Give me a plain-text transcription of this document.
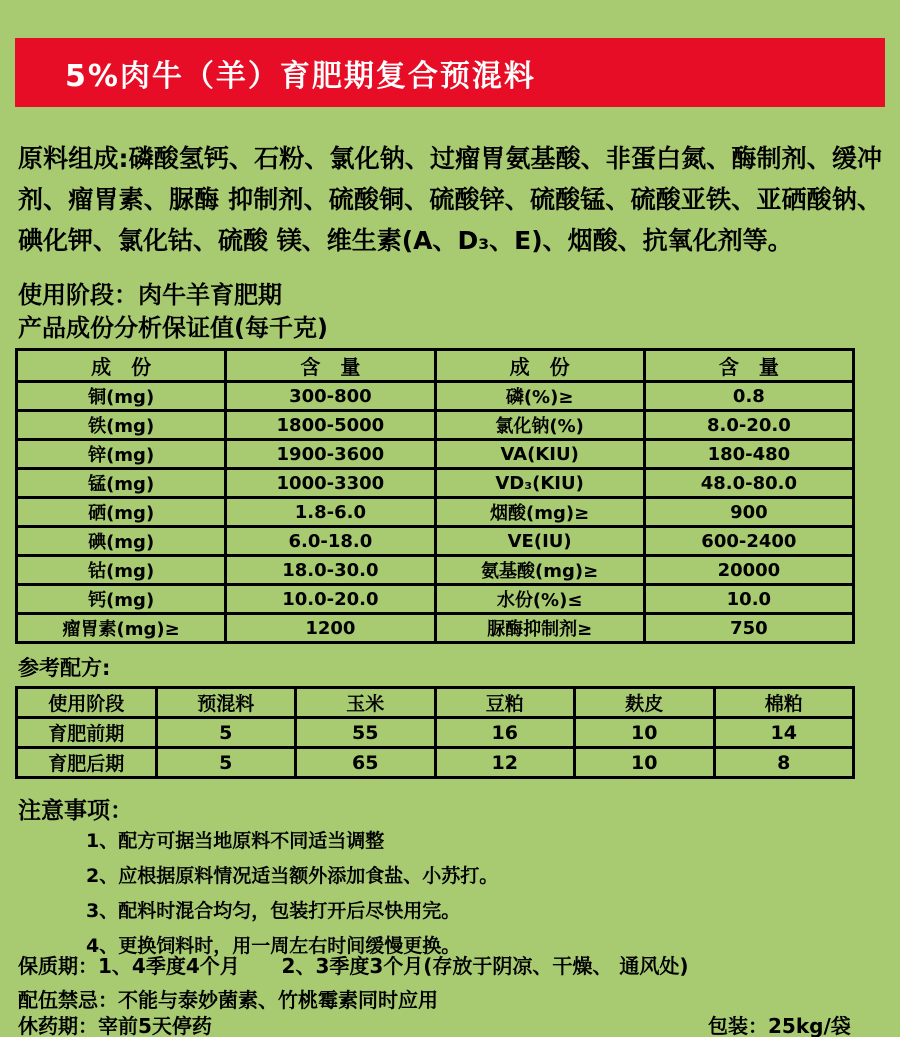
5%肉牛（羊）育肥期复合预混料
原料组成:磷酸氢钙、石粉、氯化钠、过瘤胃氨基酸、非蛋白氮、酶制剂、缓冲剂、瘤胃素、脲酶 抑制剂、硫酸铜、硫酸锌、硫酸锰、硫酸亚铁、亚硒酸钠、碘化钾、氯化钴、硫酸 镁、维生素(A、D₃、E)、烟酸、抗氧化剂等。
使用阶段：肉牛羊育肥期
产品成份分析保证值(每千克)
成　份	含　量	成　份	含　量
铜(mg)	300-800	磷(%)≥	0.8
铁(mg)	1800-5000	氯化钠(%)	8.0-20.0
锌(mg)	1900-3600	VA(KIU)	180-480
锰(mg)	1000-3300	VD₃(KIU)	48.0-80.0
硒(mg)	1.8-6.0	烟酸(mg)≥	900
碘(mg)	6.0-18.0	VE(IU)	600-2400
钴(mg)	18.0-30.0	氨基酸(mg)≥	20000
钙(mg)	10.0-20.0	水份(%)≤	10.0
瘤胃素(mg)≥	1200	脲酶抑制剂≥	750
参考配方:
使用阶段	预混料	玉米	豆粕	麸皮	棉粕
育肥前期	5	55	16	10	14
育肥后期	5	65	12	10	8
注意事项：
1、配方可据当地原料不同适当调整
2、应根据原料情况适当额外添加食盐、小苏打。
3、配料时混合均匀，包装打开后尽快用完。
4、更换饲料时，用一周左右时间缓慢更换。
保质期：1、4季度4个月      2、3季度3个月(存放于阴凉、干燥、 通风处)
配伍禁忌：不能与泰妙菌素、竹桃霉素同时应用
休药期：宰前5天停药	包装：25kg/袋
